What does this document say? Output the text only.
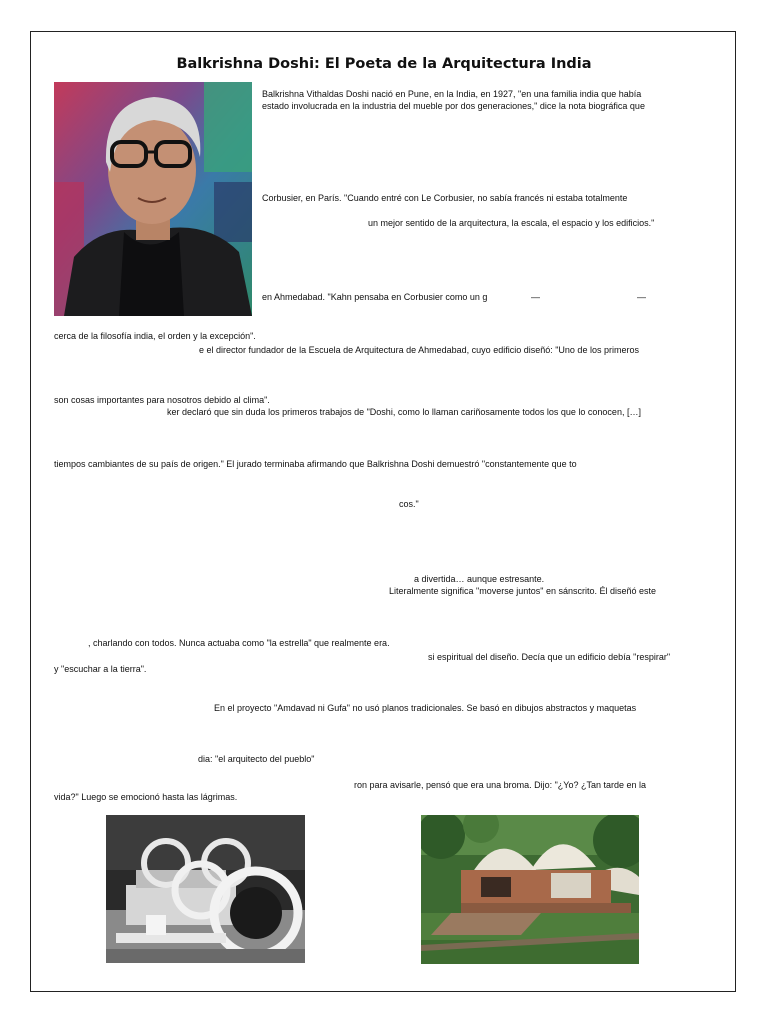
Balkrishna Doshi: El Poeta de la Arquitectura India
Balkrishna Vithaldas Doshi nació en Pune, en la India, en 1927, "en una familia india que había
estado involucrada en la industria del mueble por dos generaciones," dice la nota biográfica que
Corbusier, en París. "Cuando entré con Le Corbusier, no sabía francés ni estaba totalmente
un mejor sentido de la arquitectura, la escala, el espacio y los edificios."
en Ahmedabad. "Kahn pensaba en Corbusier como un g	—	—
cerca de la filosofía india, el orden y la excepción".
e el director fundador de la Escuela de Arquitectura de Ahmedabad, cuyo edificio diseñó: "Uno de los primeros
son cosas importantes para nosotros debido al clima".
ker declaró que sin duda los primeros trabajos de "Doshi, como lo llaman cariñosamente todos los que lo conocen, […]
tiempos cambiantes de su país de origen." El jurado terminaba afirmando que Balkrishna Doshi demuestró "constantemente que to
cos."
a divertida… aunque estresante.
Literalmente significa "moverse juntos" en sánscrito. Él diseñó este
, charlando con todos. Nunca actuaba como "la estrella" que realmente era.
si espiritual del diseño. Decía que un edificio debía "respirar"
y "escuchar a la tierra".
En el proyecto "Amdavad ni Gufa" no usó planos tradicionales. Se basó en dibujos abstractos y maquetas
dia: "el arquitecto del pueblo"
ron para avisarle, pensó que era una broma. Dijo: "¿Yo? ¿Tan tarde en la
vida?" Luego se emocionó hasta las lágrimas.
